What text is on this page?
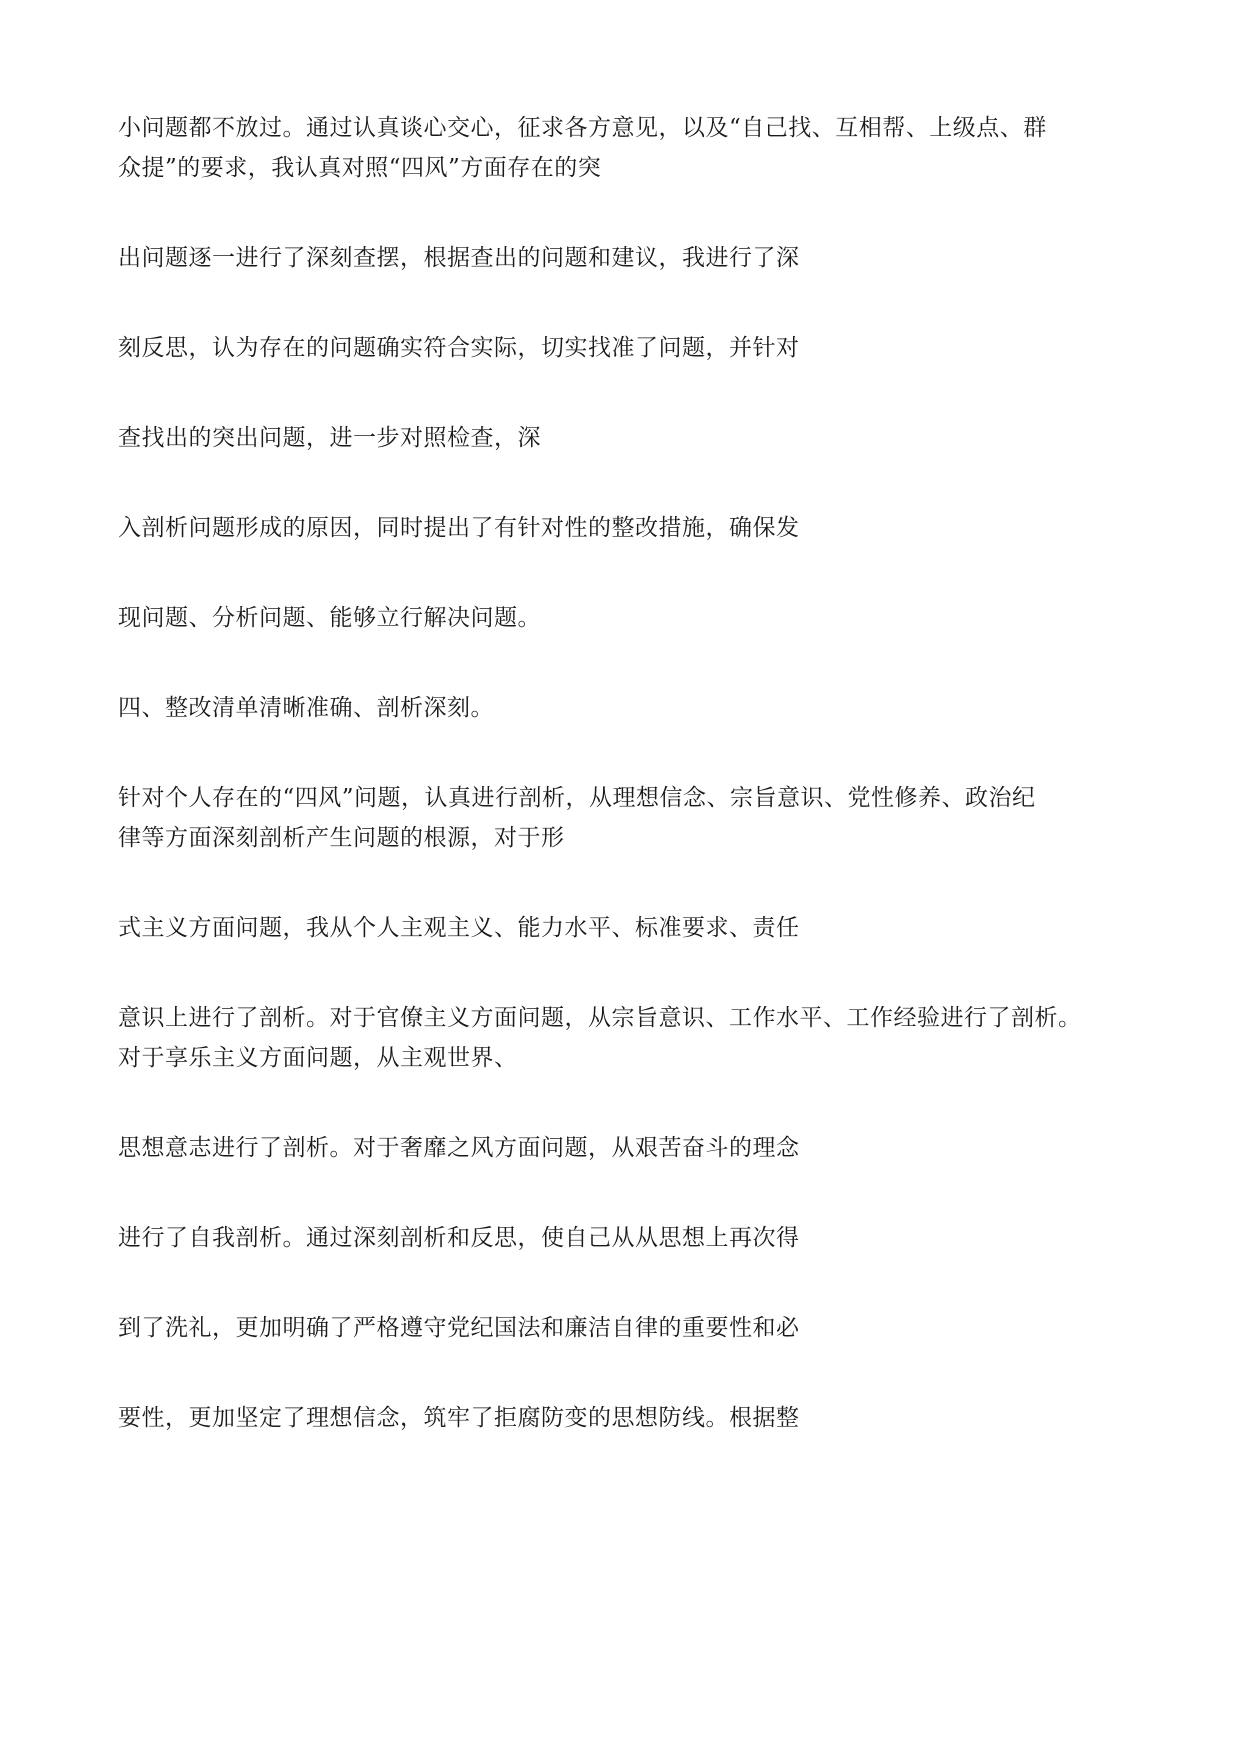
小问题都不放过。通过认真谈心交心，征求各方意见，以及“自己找、互相帮、上级点、群
众提”的要求，我认真对照“四风”方面存在的突

出问题逐一进行了深刻查摆，根据查出的问题和建议，我进行了深

刻反思，认为存在的问题确实符合实际，切实找准了问题，并针对

查找出的突出问题，进一步对照检查，深

入剖析问题形成的原因，同时提出了有针对性的整改措施，确保发

现问题、分析问题、能够立行解决问题。

四、整改清单清晰准确、剖析深刻。

针对个人存在的“四风”问题，认真进行剖析，从理想信念、宗旨意识、党性修养、政治纪
律等方面深刻剖析产生问题的根源，对于形

式主义方面问题，我从个人主观主义、能力水平、标准要求、责任

意识上进行了剖析。对于官僚主义方面问题，从宗旨意识、工作水平、工作经验进行了剖析。
对于享乐主义方面问题，从主观世界、

思想意志进行了剖析。对于奢靡之风方面问题，从艰苦奋斗的理念

进行了自我剖析。通过深刻剖析和反思，使自己从从思想上再次得

到了洗礼，更加明确了严格遵守党纪国法和廉洁自律的重要性和必

要性，更加坚定了理想信念，筑牢了拒腐防变的思想防线。根据整
